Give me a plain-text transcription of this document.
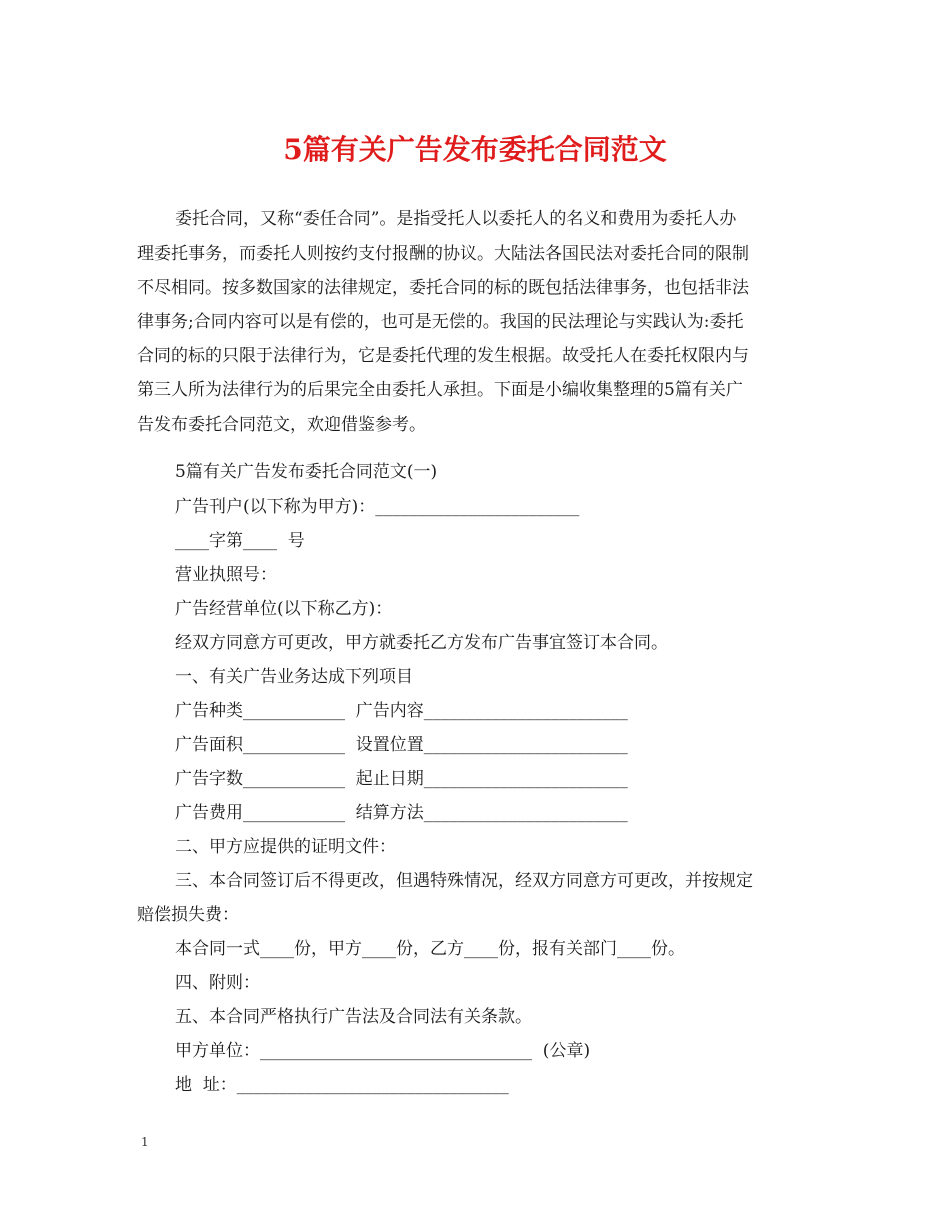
5篇有关广告发布委托合同范文
委托合同，又称“委任合同”。是指受托人以委托人的名义和费用为委托人办
理委托事务，而委托人则按约支付报酬的协议。大陆法各国民法对委托合同的限制
不尽相同。按多数国家的法律规定，委托合同的标的既包括法律事务，也包括非法
律事务;合同内容可以是有偿的，也可是无偿的。我国的民法理论与实践认为:委托
合同的标的只限于法律行为，它是委托代理的发生根据。故受托人在委托权限内与
第三人所为法律行为的后果完全由委托人承担。下面是小编收集整理的5篇有关广
告发布委托合同范文，欢迎借鉴参考。
5篇有关广告发布委托合同范文(一)
广告刊户(以下称为甲方)：________________________
____字第____  号
营业执照号：
广告经营单位(以下称乙方)：
经双方同意方可更改，甲方就委托乙方发布广告事宜签订本合同。
一、有关广告业务达成下列项目
广告种类____________  广告内容________________________
广告面积____________  设置位置________________________
广告字数____________  起止日期________________________
广告费用____________  结算方法________________________
二、甲方应提供的证明文件：
三、本合同签订后不得更改，但遇特殊情况，经双方同意方可更改，并按规定
赔偿损失费：
本合同一式____份，甲方____份，乙方____份，报有关部门____份。
四、附则：
五、本合同严格执行广告法及合同法有关条款。
甲方单位：________________________________  (公章)
地  址：________________________________
1
